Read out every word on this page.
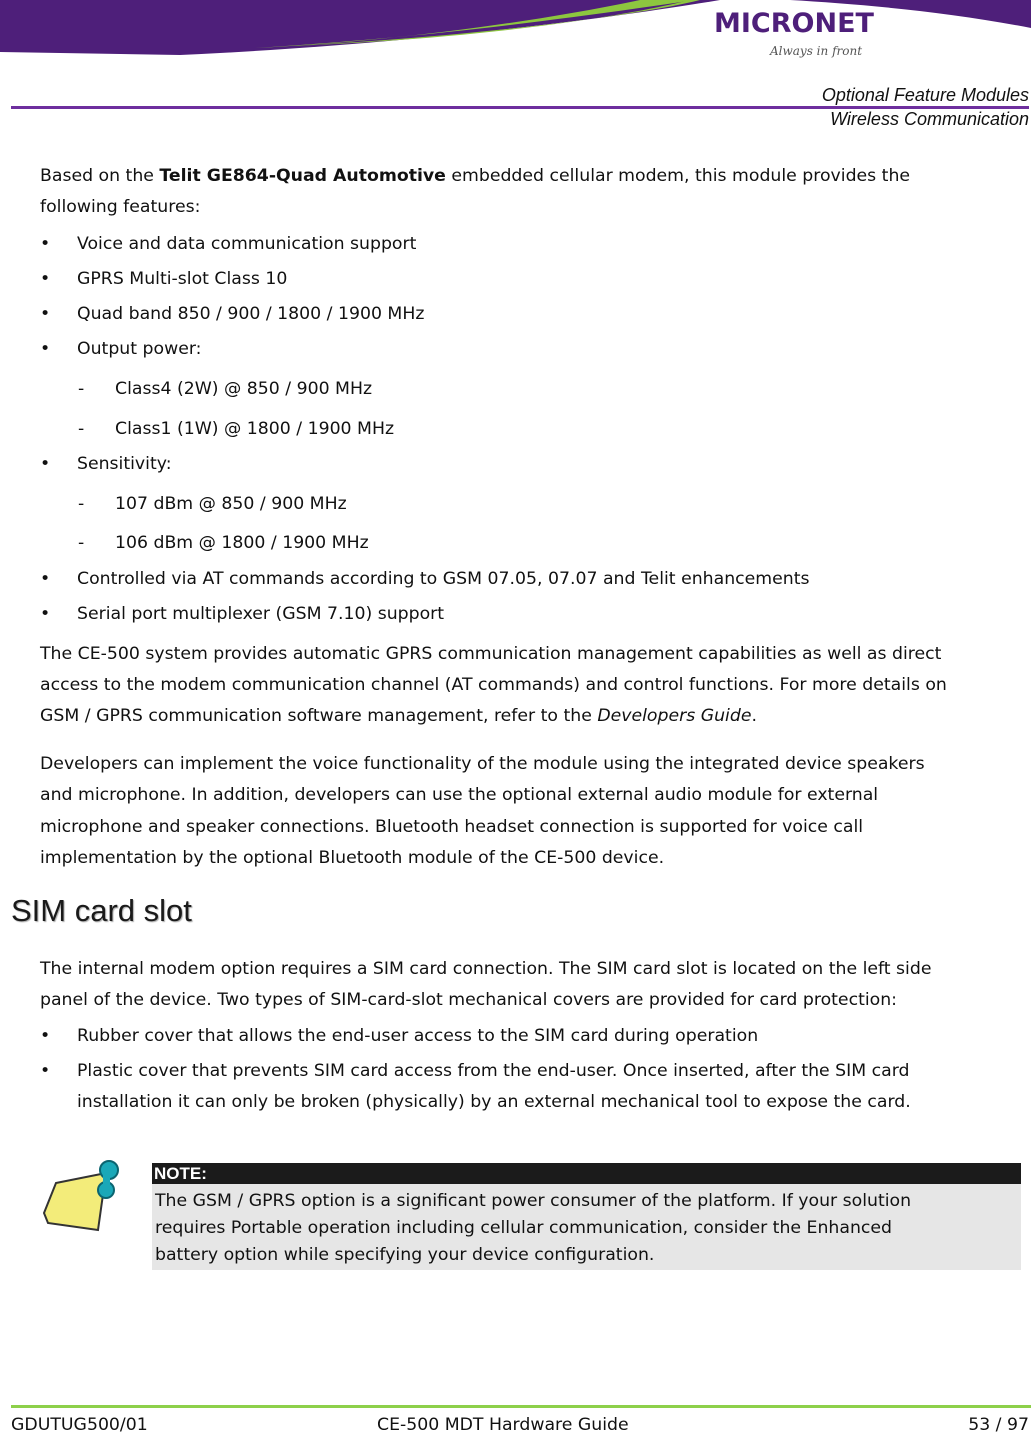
MICRONET
Always in front
Optional Feature Modules
Wireless Communication
Based on the Telit GE864-Quad Automotive embedded cellular modem, this module provides the
following features:
Voice and data communication support
GPRS Multi-slot Class 10
Quad band 850 / 900 / 1800 / 1900 MHz
Output power:
- Class4 (2W) @ 850 / 900 MHz
- Class1 (1W) @ 1800 / 1900 MHz
Sensitivity:
- 107 dBm @ 850 / 900 MHz
- 106 dBm @ 1800 / 1900 MHz
Controlled via AT commands according to GSM 07.05, 07.07 and Telit enhancements
Serial port multiplexer (GSM 7.10) support
The CE-500 system provides automatic GPRS communication management capabilities as well as direct
access to the modem communication channel (AT commands) and control functions. For more details on
GSM / GPRS communication software management, refer to the Developers Guide.
Developers can implement the voice functionality of the module using the integrated device speakers
and microphone. In addition, developers can use the optional external audio module for external
microphone and speaker connections. Bluetooth headset connection is supported for voice call
implementation by the optional Bluetooth module of the CE-500 device.
SIM card slot
The internal modem option requires a SIM card connection. The SIM card slot is located on the left side
panel of the device. Two types of SIM-card-slot mechanical covers are provided for card protection:
Rubber cover that allows the end-user access to the SIM card during operation
Plastic cover that prevents SIM card access from the end-user. Once inserted, after the SIM card
installation it can only be broken (physically) by an external mechanical tool to expose the card.
NOTE:
The GSM / GPRS option is a significant power consumer of the platform. If your solution
requires Portable operation including cellular communication, consider the Enhanced
battery option while specifying your device configuration.
GDUTUG500/01	CE-500 MDT Hardware Guide	53 / 97
